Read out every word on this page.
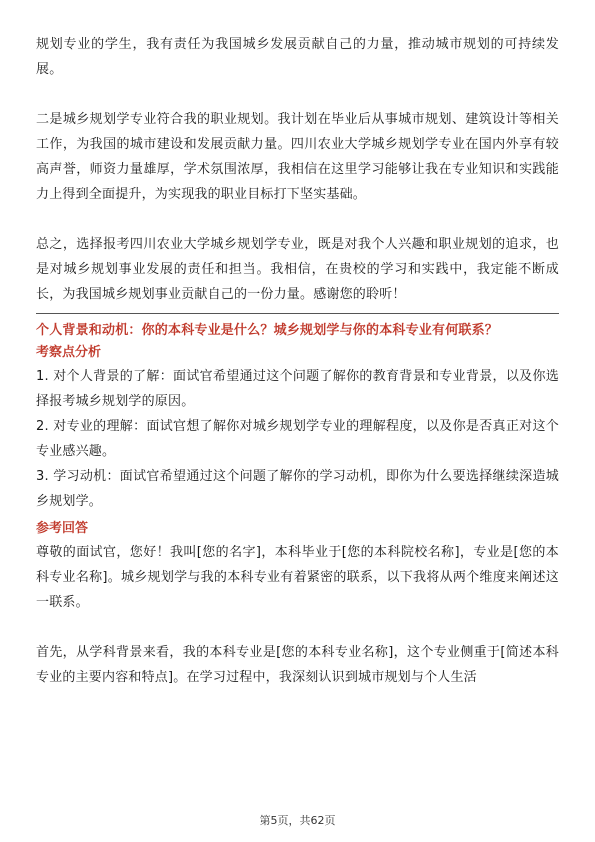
规划专业的学生，我有责任为我国城乡发展贡献自己的力量，推动城市规划的可持续发展。

二是城乡规划学专业符合我的职业规划。我计划在毕业后从事城市规划、建筑设计等相关工作，为我国的城市建设和发展贡献力量。四川农业大学城乡规划学专业在国内外享有较高声誉，师资力量雄厚，学术氛围浓厚，我相信在这里学习能够让我在专业知识和实践能力上得到全面提升，为实现我的职业目标打下坚实基础。

总之，选择报考四川农业大学城乡规划学专业，既是对我个人兴趣和职业规划的追求，也是对城乡规划事业发展的责任和担当。我相信，在贵校的学习和实践中，我定能不断成长，为我国城乡规划事业贡献自己的一份力量。感谢您的聆听！

个人背景和动机：你的本科专业是什么？城乡规划学与你的本科专业有何联系？

考察点分析

1. 对个人背景的了解：面试官希望通过这个问题了解你的教育背景和专业背景，以及你选择报考城乡规划学的原因。
2. 对专业的理解：面试官想了解你对城乡规划学专业的理解程度，以及你是否真正对这个专业感兴趣。
3. 学习动机：面试官希望通过这个问题了解你的学习动机，即你为什么要选择继续深造城乡规划学。

参考回答

尊敬的面试官，您好！我叫[您的名字]，本科毕业于[您的本科院校名称]，专业是[您的本科专业名称]。城乡规划学与我的本科专业有着紧密的联系，以下我将从两个维度来阐述这一联系。

首先，从学科背景来看，我的本科专业是[您的本科专业名称]，这个专业侧重于[简述本科专业的主要内容和特点]。在学习过程中，我深刻认识到城市规划与个人生活

第5页，共62页
